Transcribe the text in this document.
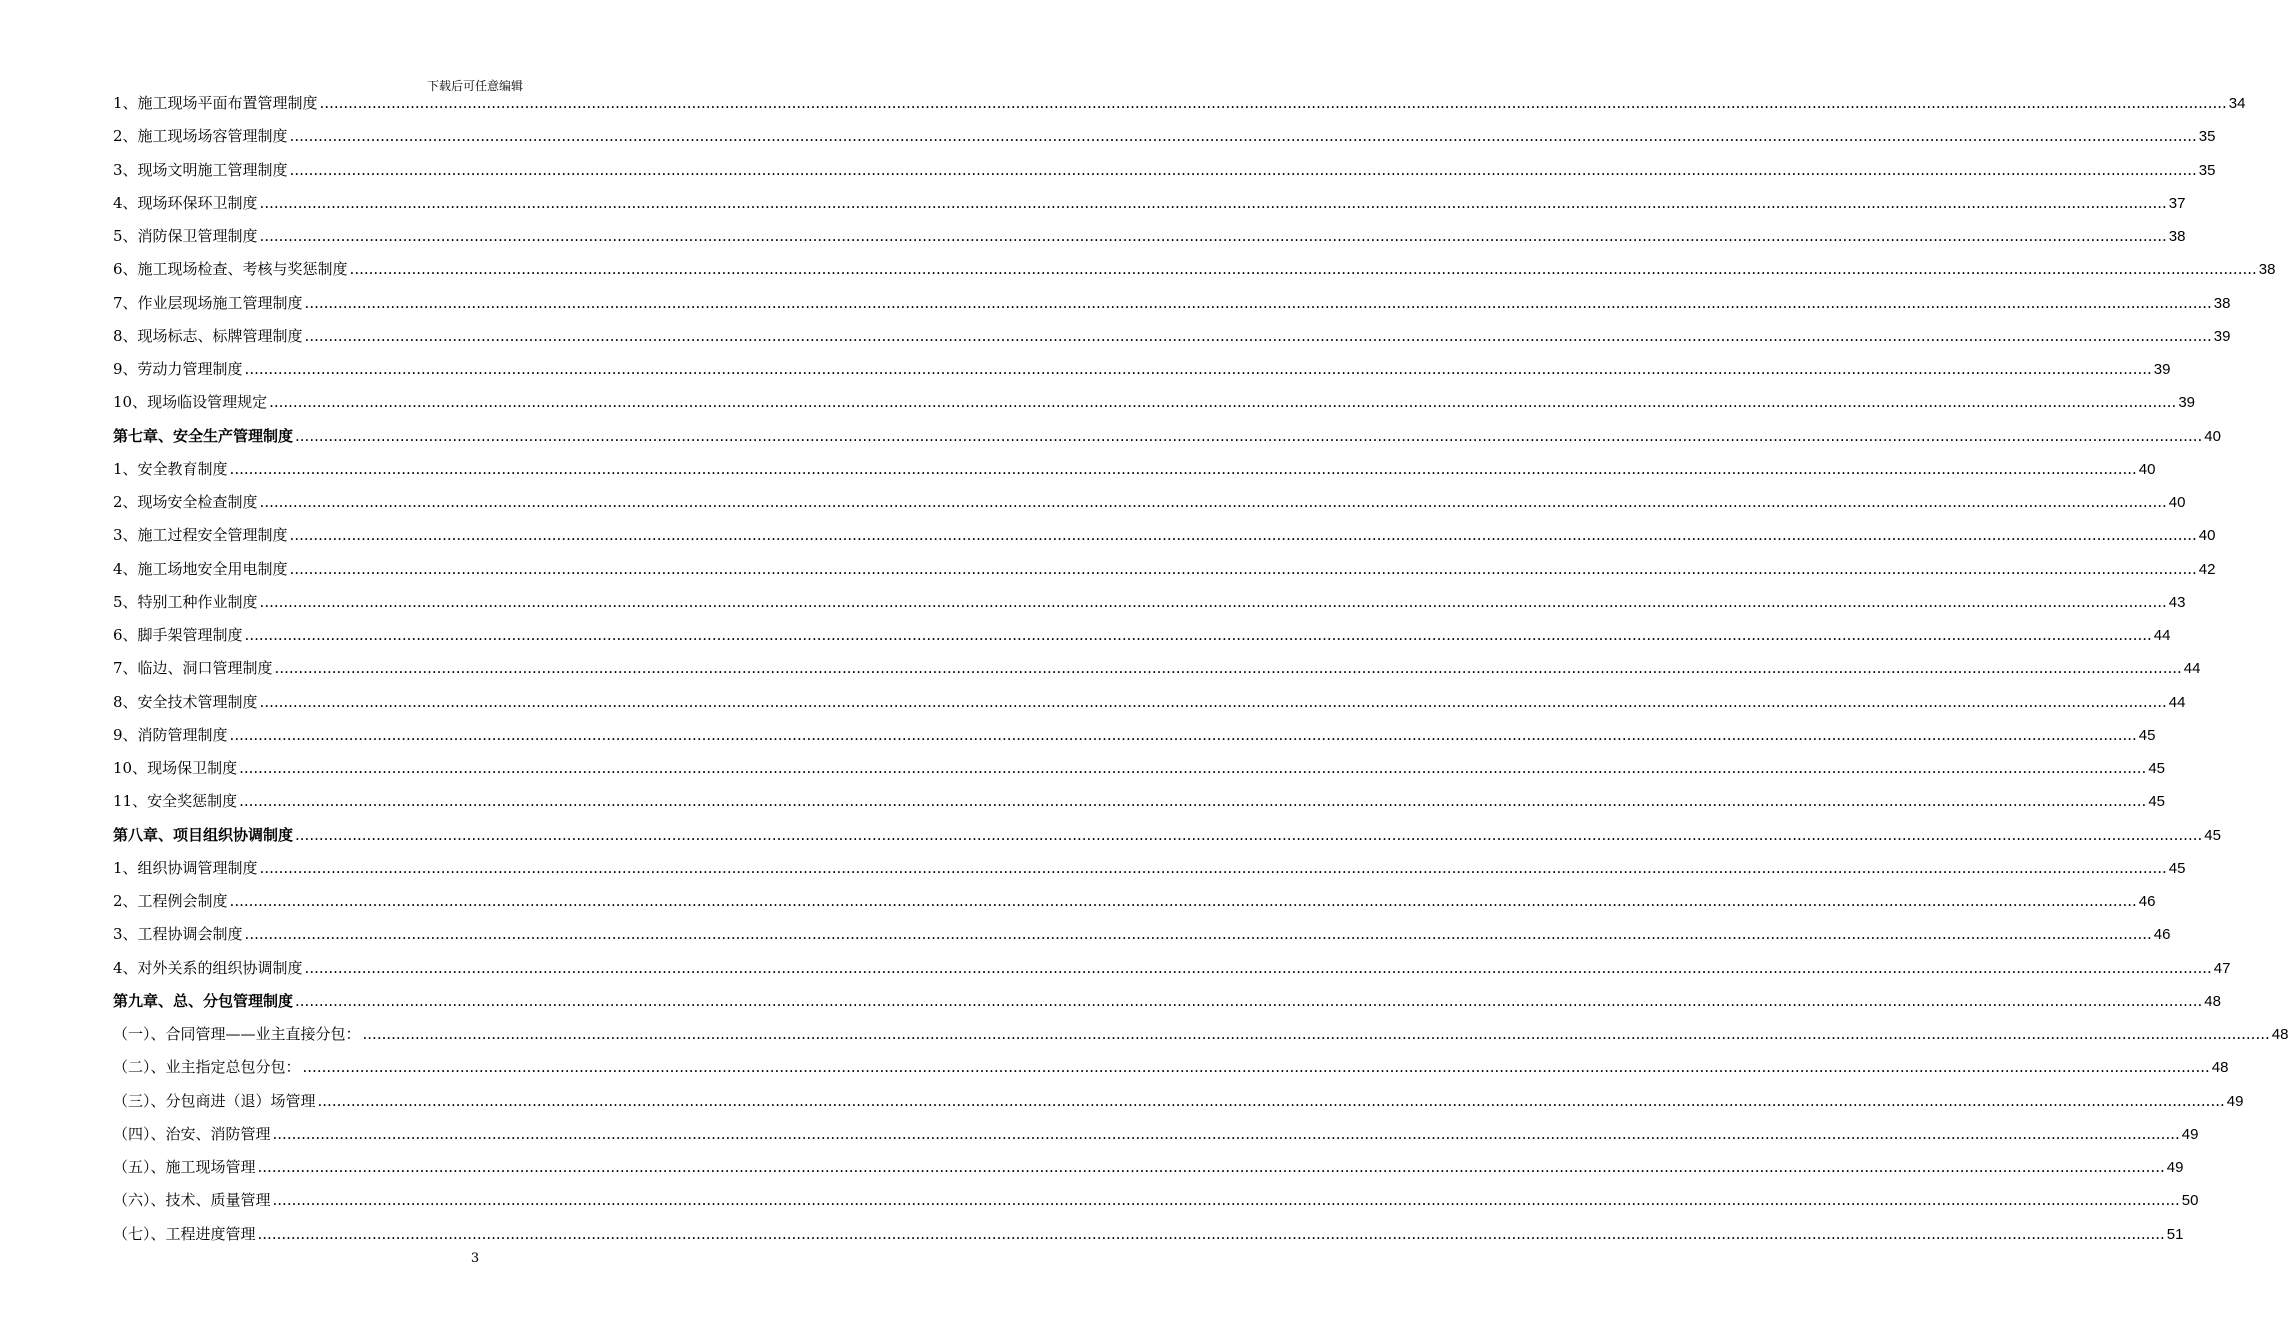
下载后可任意编辑
1、施工现场平面布置管理制度 ................................................................................................................................................................................................................................................................................................................................................................................................................ 34
2、施工现场场容管理制度 ................................................................................................................................................................................................................................................................................................................................................................................................................ 35
3、现场文明施工管理制度 ................................................................................................................................................................................................................................................................................................................................................................................................................ 35
4、现场环保环卫制度 ................................................................................................................................................................................................................................................................................................................................................................................................................ 37
5、消防保卫管理制度 ................................................................................................................................................................................................................................................................................................................................................................................................................ 38
6、施工现场检查、考核与奖惩制度 ................................................................................................................................................................................................................................................................................................................................................................................................................ 38
7、作业层现场施工管理制度 ................................................................................................................................................................................................................................................................................................................................................................................................................ 38
8、现场标志、标牌管理制度 ................................................................................................................................................................................................................................................................................................................................................................................................................ 39
9、劳动力管理制度 ................................................................................................................................................................................................................................................................................................................................................................................................................ 39
10、现场临设管理规定 ................................................................................................................................................................................................................................................................................................................................................................................................................ 39
第七章、安全生产管理制度 ................................................................................................................................................................................................................................................................................................................................................................................................................ 40
1、安全教育制度 ................................................................................................................................................................................................................................................................................................................................................................................................................ 40
2、现场安全检查制度 ................................................................................................................................................................................................................................................................................................................................................................................................................ 40
3、施工过程安全管理制度 ................................................................................................................................................................................................................................................................................................................................................................................................................ 40
4、施工场地安全用电制度 ................................................................................................................................................................................................................................................................................................................................................................................................................ 42
5、特别工种作业制度 ................................................................................................................................................................................................................................................................................................................................................................................................................ 43
6、脚手架管理制度 ................................................................................................................................................................................................................................................................................................................................................................................................................ 44
7、临边、洞口管理制度 ................................................................................................................................................................................................................................................................................................................................................................................................................ 44
8、安全技术管理制度 ................................................................................................................................................................................................................................................................................................................................................................................................................ 44
9、消防管理制度 ................................................................................................................................................................................................................................................................................................................................................................................................................ 45
10、现场保卫制度 ................................................................................................................................................................................................................................................................................................................................................................................................................ 45
11、安全奖惩制度 ................................................................................................................................................................................................................................................................................................................................................................................................................ 45
第八章、项目组织协调制度 ................................................................................................................................................................................................................................................................................................................................................................................................................ 45
1、组织协调管理制度 ................................................................................................................................................................................................................................................................................................................................................................................................................ 45
2、工程例会制度 ................................................................................................................................................................................................................................................................................................................................................................................................................ 46
3、工程协调会制度 ................................................................................................................................................................................................................................................................................................................................................................................................................ 46
4、对外关系的组织协调制度 ................................................................................................................................................................................................................................................................................................................................................................................................................ 47
第九章、总、分包管理制度 ................................................................................................................................................................................................................................................................................................................................................................................................................ 48
（一）、合同管理——业主直接分包： ................................................................................................................................................................................................................................................................................................................................................................................................................ 48
（二）、业主指定总包分包： ................................................................................................................................................................................................................................................................................................................................................................................................................ 48
（三）、分包商进（退）场管理 ................................................................................................................................................................................................................................................................................................................................................................................................................ 49
（四）、治安、消防管理 ................................................................................................................................................................................................................................................................................................................................................................................................................ 49
（五）、施工现场管理 ................................................................................................................................................................................................................................................................................................................................................................................................................ 49
（六）、技术、质量管理 ................................................................................................................................................................................................................................................................................................................................................................................................................ 50
（七）、工程进度管理 ................................................................................................................................................................................................................................................................................................................................................................................................................ 51
3
